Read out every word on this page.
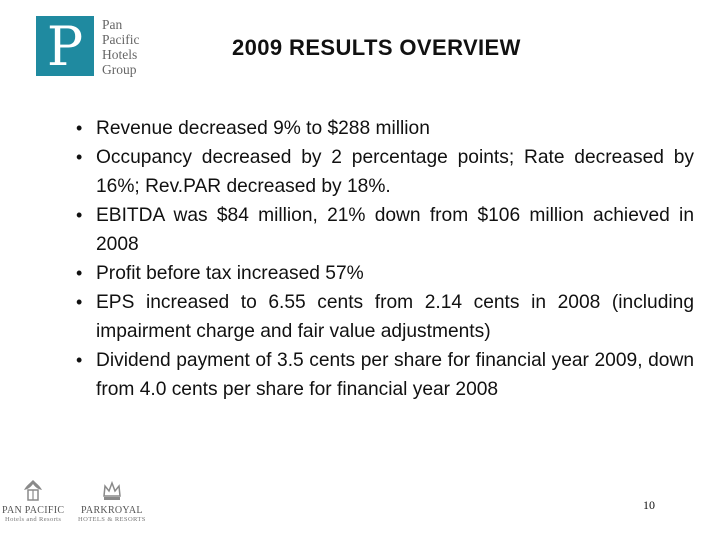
P Pan
Pacific
Hotels
Group
2009 RESULTS OVERVIEW
• Revenue decreased 9% to $288 million
• Occupancy decreased by 2 percentage points; Rate decreased by 16%; Rev.PAR decreased by 18%.
• EBITDA was $84 million, 21% down from $106 million achieved in 2008
• Profit before tax increased 57%
• EPS increased to 6.55 cents from 2.14 cents in 2008 (including impairment charge and fair value adjustments)
• Dividend payment of 3.5 cents per share for financial year 2009, down from 4.0 cents per share for financial year 2008
PAN PACIFIC
Hotels and Resorts
PARKROYAL
HOTELS & RESORTS
10
